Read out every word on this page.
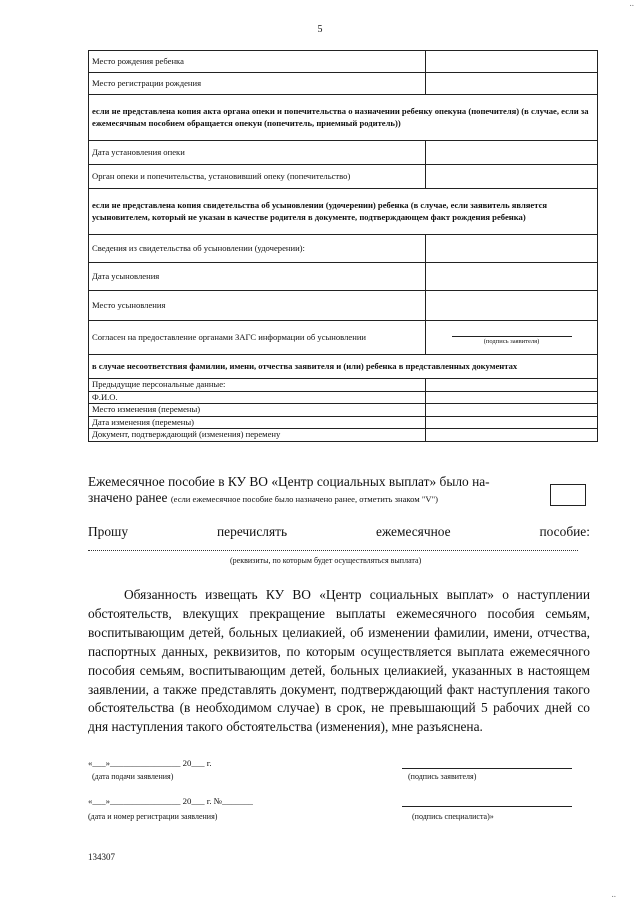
5
..
Место рождения ребенка	
Место регистрации рождения	
если не представлена копия акта органа опеки и попечительства о назначении ребенку опекуна (попечителя) (в случае, если за ежемесячным пособием обращается опекун (попечитель, приемный родитель))	
Дата установления опеки	
Орган опеки и попечительства, установивший опеку (попечительство)	
если не представлена копия свидетельства об усыновлении (удочерении) ребенка (в случае, если заявитель является усыновителем, который не указан в качестве родителя в документе, подтверждающем факт рождения ребенка)	
Сведения из свидетельства об усыновлении (удочерении):	
Дата усыновления	
Место усыновления	
Согласен на предоставление органами ЗАГС информации об усыновлении	(подпись заявителя)

в случае несоответствия фамилии, имени, отчества заявителя и (или) ребенка в представленных документах	
Предыдущие персональные данные:	
Ф.И.О.	
Место изменения (перемены)	
Дата изменения (перемены)	
Документ, подтверждающий (изменения) перемену	
Ежемесячное пособие в КУ ВО «Центр социальных выплат» было на-
значено ранее (если ежемесячное пособие было назначено ранее, отметить знаком "V")
Прошу	перечислять	ежемесячное	пособие:
(реквизиты, по которым будет осуществляться выплата)
Обязанность извещать КУ ВО «Центр социальных выплат» о наступлении обстоятельств, влекущих прекращение выплаты ежемесячного пособия семьям, воспитывающим детей, больных целиакией, об изменении фамилии, имени, отчества, паспортных данных, реквизитов, по которым осуществляется выплата ежемесячного пособия семьям, воспитывающим детей, больных целиакией, указанных в настоящем заявлении, а также представлять документ, подтверждающий факт наступления такого обстоятельства (в необходимом случае) в срок, не превышающий 5 рабочих дней со дня наступления такого обстоятельства (изменения), мне разъяснена.
«___»________________ 20___ г.
(дата подачи заявления)	(подпись заявителя)
«___»________________ 20___ г. №_______
(дата и номер регистрации заявления)	(подпись специалиста)»
134307
..
